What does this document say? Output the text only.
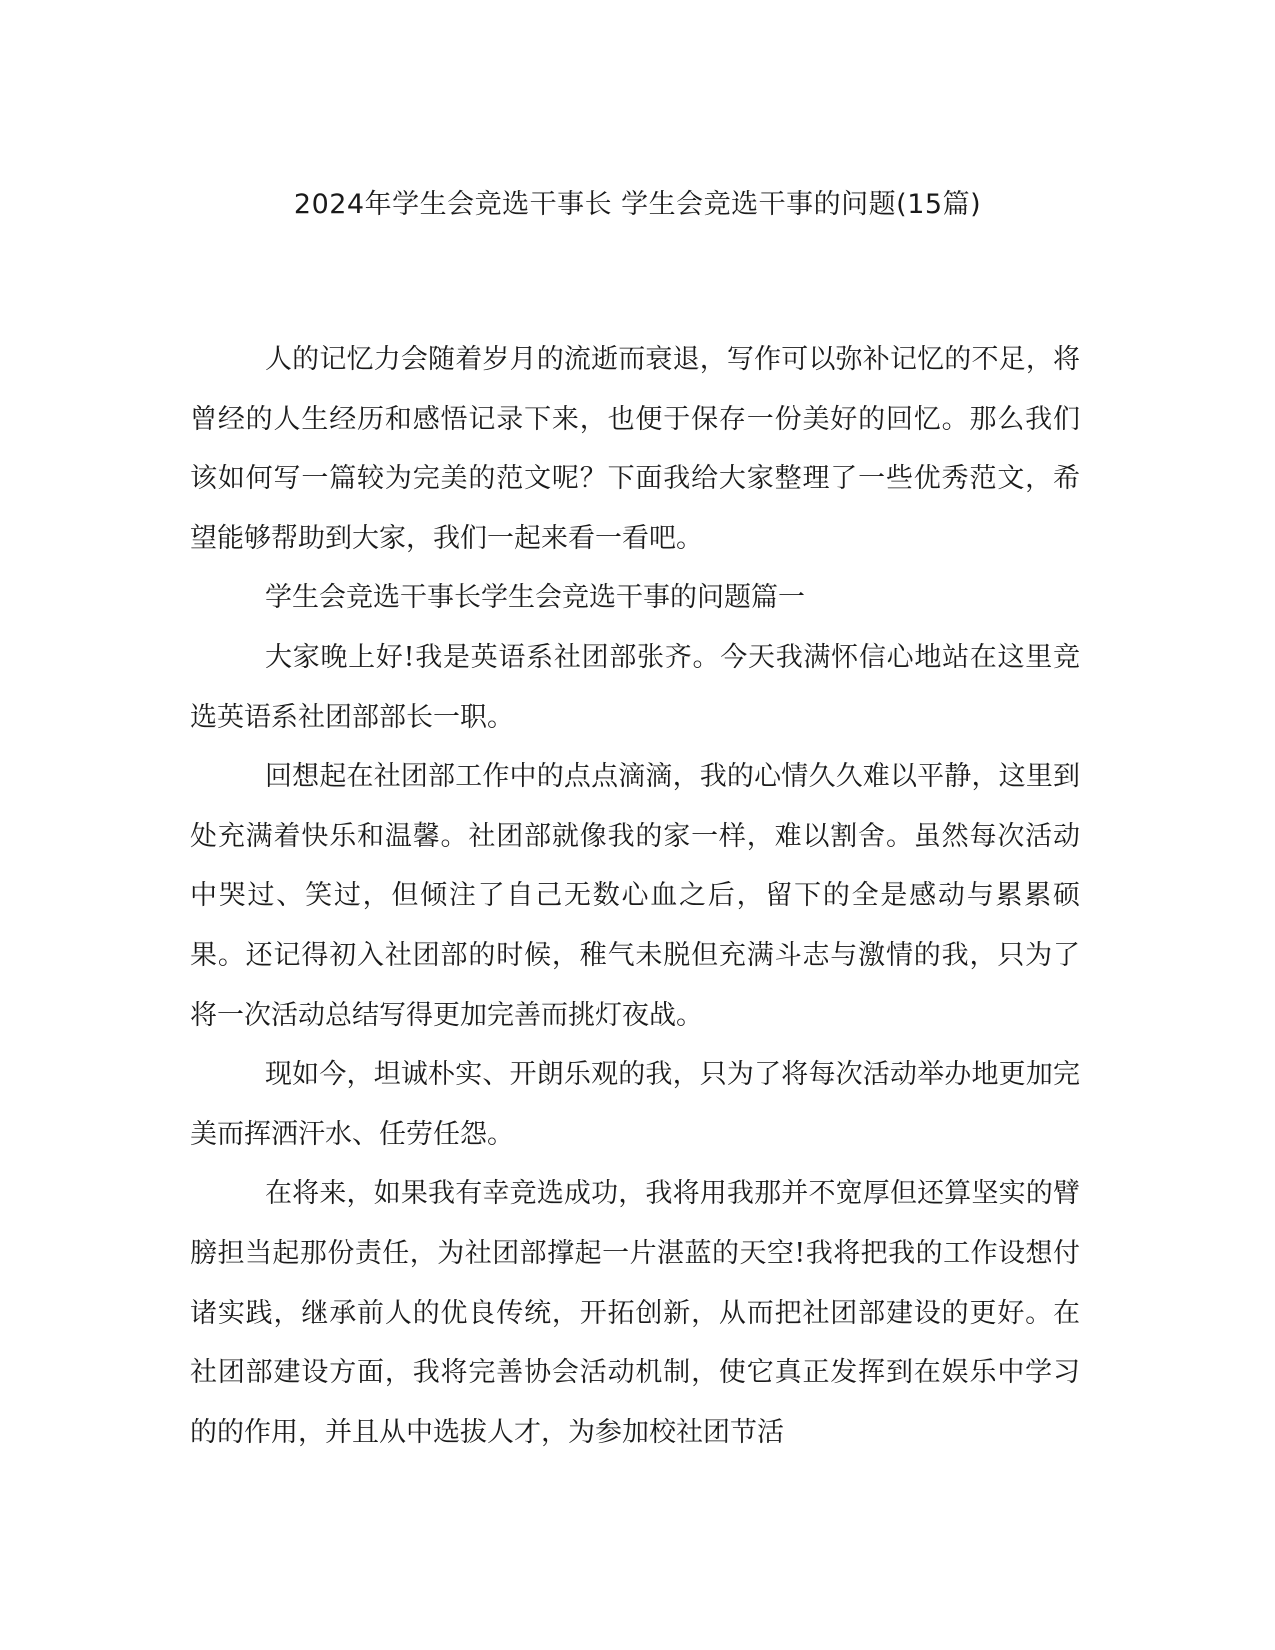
2024年学生会竞选干事长 学生会竞选干事的问题(15篇)

人的记忆力会随着岁月的流逝而衰退，写作可以弥补记忆的不足，将曾经的人生经历和感悟记录下来，也便于保存一份美好的回忆。那么我们该如何写一篇较为完美的范文呢？下面我给大家整理了一些优秀范文，希望能够帮助到大家，我们一起来看一看吧。

学生会竞选干事长学生会竞选干事的问题篇一

大家晚上好!我是英语系社团部张齐。今天我满怀信心地站在这里竞选英语系社团部部长一职。

回想起在社团部工作中的点点滴滴，我的心情久久难以平静，这里到处充满着快乐和温馨。社团部就像我的家一样，难以割舍。虽然每次活动中哭过、笑过，但倾注了自己无数心血之后，留下的全是感动与累累硕果。还记得初入社团部的时候，稚气未脱但充满斗志与激情的我，只为了将一次活动总结写得更加完善而挑灯夜战。

现如今，坦诚朴实、开朗乐观的我，只为了将每次活动举办地更加完美而挥洒汗水、任劳任怨。

在将来，如果我有幸竞选成功，我将用我那并不宽厚但还算坚实的臂膀担当起那份责任，为社团部撑起一片湛蓝的天空!我将把我的工作设想付诸实践，继承前人的优良传统，开拓创新，从而把社团部建设的更好。在社团部建设方面，我将完善协会活动机制，使它真正发挥到在娱乐中学习的的作用，并且从中选拔人才，为参加校社团节活
